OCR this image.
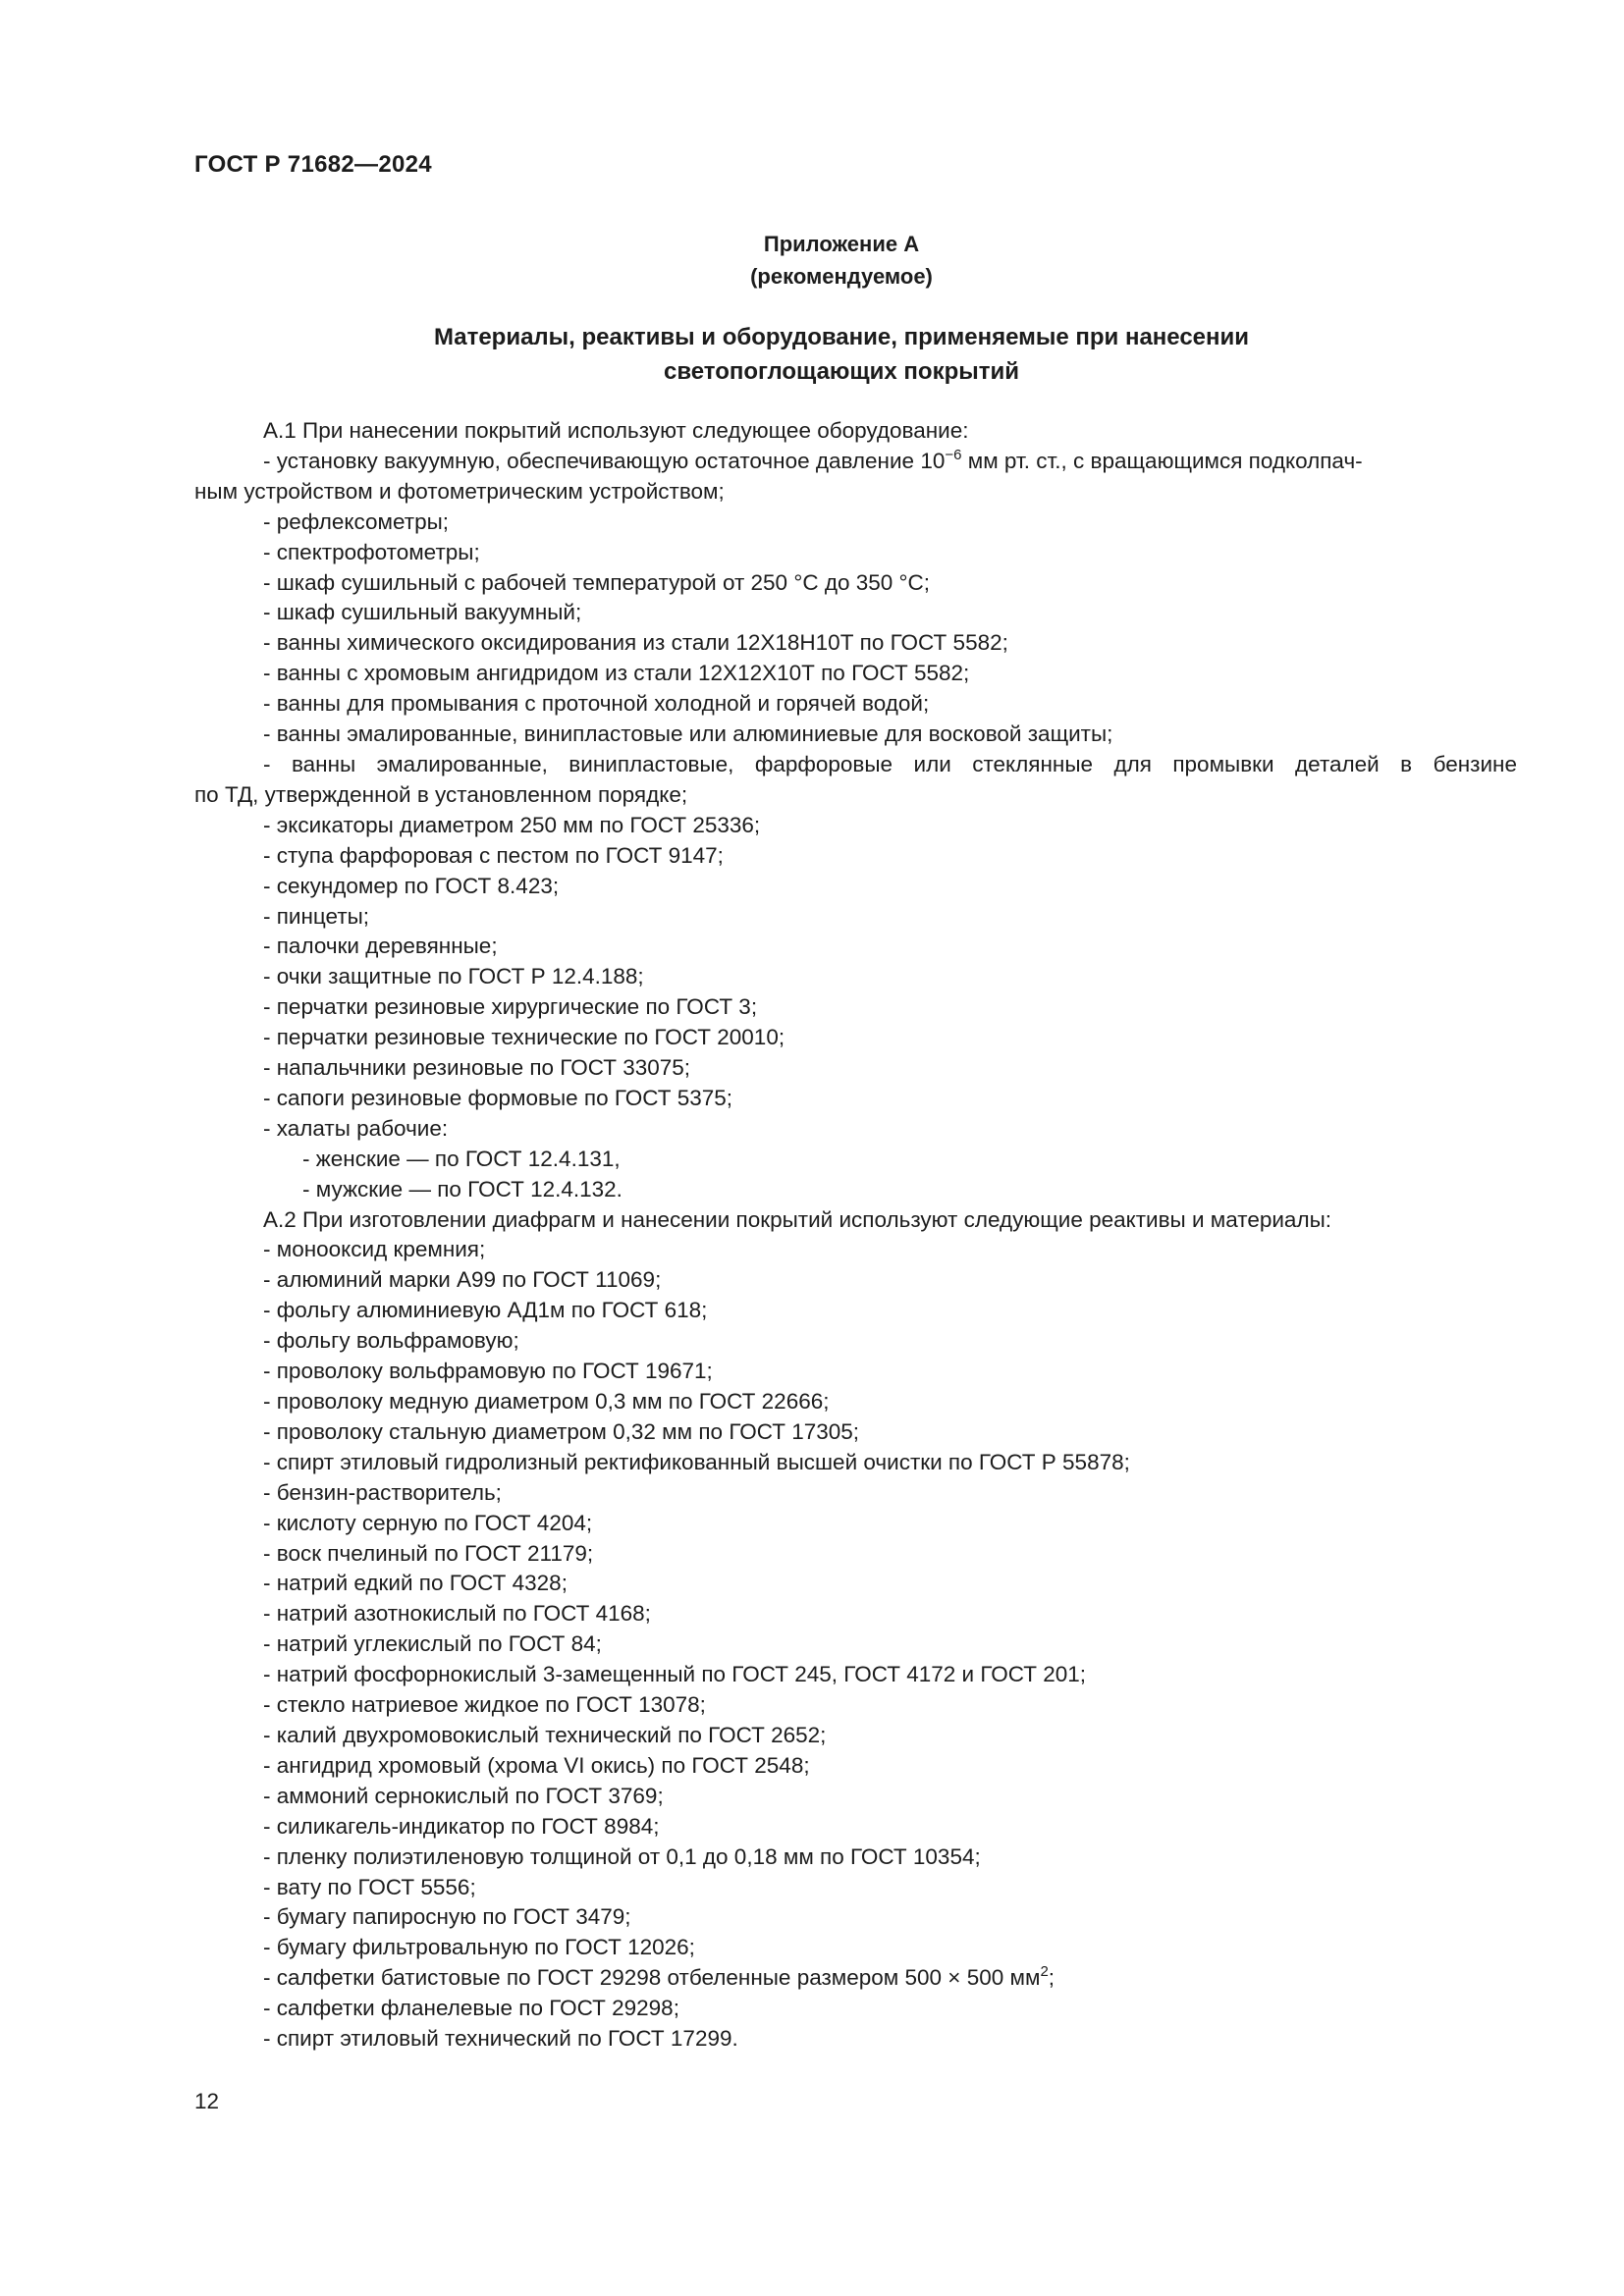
ГОСТ Р 71682—2024
Приложение А
(рекомендуемое)
Материалы, реактивы и оборудование, применяемые при нанесении
светопоглощающих покрытий
А.1 При нанесении покрытий используют следующее оборудование:
- установку вакуумную, обеспечивающую остаточное давление $10^{-6}$ мм рт. ст., с вращающимся подколпач-
ным устройством и фотометрическим устройством;
- рефлексометры;
- спектрофотометры;
- шкаф сушильный с рабочей температурой от 250 °С до 350 °С;
- шкаф сушильный вакуумный;
- ванны химического оксидирования из стали 12Х18Н10Т по ГОСТ 5582;
- ванны с хромовым ангидридом из стали 12Х12Х10Т по ГОСТ 5582;
- ванны для промывания с проточной холодной и горячей водой;
- ванны эмалированные, винипластовые или алюминиевые для восковой защиты;
- ванны эмалированные, винипластовые, фарфоровые или стеклянные для промывки деталей в бензине
по ТД, утвержденной в установленном порядке;
- эксикаторы диаметром 250 мм по ГОСТ 25336;
- ступа фарфоровая с пестом по ГОСТ 9147;
- секундомер по ГОСТ 8.423;
- пинцеты;
- палочки деревянные;
- очки защитные по ГОСТ Р 12.4.188;
- перчатки резиновые хирургические по ГОСТ 3;
- перчатки резиновые технические по ГОСТ 20010;
- напальчники резиновые по ГОСТ 33075;
- сапоги резиновые формовые по ГОСТ 5375;
- халаты рабочие:
- женские — по ГОСТ 12.4.131,
- мужские — по ГОСТ 12.4.132.
А.2 При изготовлении диафрагм и нанесении покрытий используют следующие реактивы и материалы:
- монооксид кремния;
- алюминий марки А99 по ГОСТ 11069;
- фольгу алюминиевую АД1м по ГОСТ 618;
- фольгу вольфрамовую;
- проволоку вольфрамовую по ГОСТ 19671;
- проволоку медную диаметром 0,3 мм по ГОСТ 22666;
- проволоку стальную диаметром 0,32 мм по ГОСТ 17305;
- спирт этиловый гидролизный ректификованный высшей очистки по ГОСТ Р 55878;
- бензин-растворитель;
- кислоту серную по ГОСТ 4204;
- воск пчелиный по ГОСТ 21179;
- натрий едкий по ГОСТ 4328;
- натрий азотнокислый по ГОСТ 4168;
- натрий углекислый по ГОСТ 84;
- натрий фосфорнокислый 3-замещенный по ГОСТ 245, ГОСТ 4172 и ГОСТ 201;
- стекло натриевое жидкое по ГОСТ 13078;
- калий двухромовокислый технический по ГОСТ 2652;
- ангидрид хромовый (хрома VI окись) по ГОСТ 2548;
- аммоний сернокислый по ГОСТ 3769;
- силикагель-индикатор по ГОСТ 8984;
- пленку полиэтиленовую толщиной от 0,1 до 0,18 мм по ГОСТ 10354;
- вату по ГОСТ 5556;
- бумагу папиросную по ГОСТ 3479;
- бумагу фильтровальную по ГОСТ 12026;
- салфетки батистовые по ГОСТ 29298 отбеленные размером 500 × 500 $мм^2$;
- салфетки фланелевые по ГОСТ 29298;
- спирт этиловый технический по ГОСТ 17299.
12
